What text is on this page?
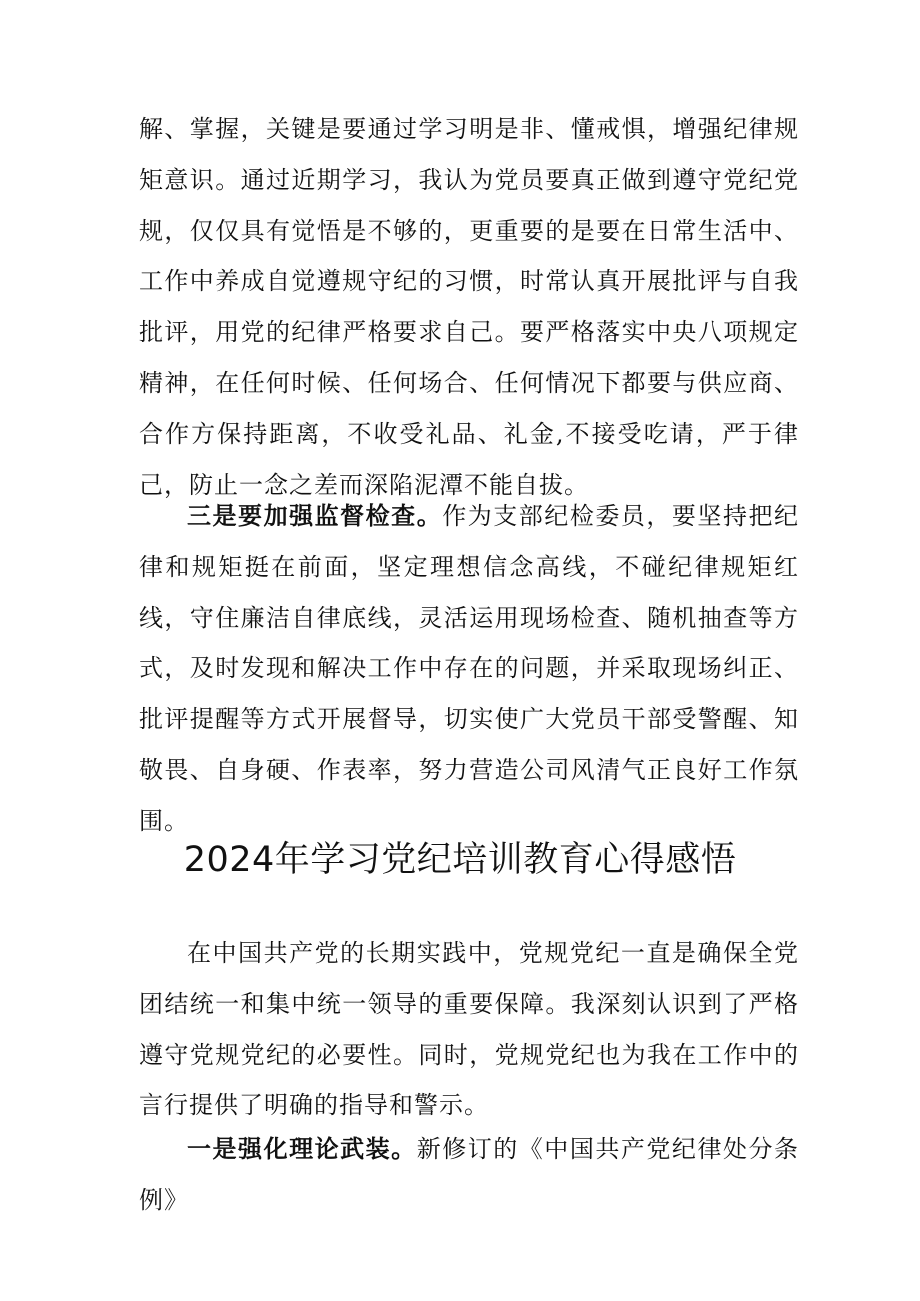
解、掌握，关键是要通过学习明是非、懂戒惧，增强纪律规矩意识。通过近期学习，我认为党员要真正做到遵守党纪党规，仅仅具有觉悟是不够的，更重要的是要在日常生活中、工作中养成自觉遵规守纪的习惯，时常认真开展批评与自我批评，用党的纪律严格要求自己。要严格落实中央八项规定精神，在任何时候、任何场合、任何情况下都要与供应商、合作方保持距离，不收受礼品、礼金,不接受吃请，严于律己，防止一念之差而深陷泥潭不能自拔。

三是要加强监督检查。作为支部纪检委员，要坚持把纪律和规矩挺在前面，坚定理想信念高线，不碰纪律规矩红线，守住廉洁自律底线，灵活运用现场检查、随机抽查等方式，及时发现和解决工作中存在的问题，并采取现场纠正、批评提醒等方式开展督导，切实使广大党员干部受警醒、知敬畏、自身硬、作表率，努力营造公司风清气正良好工作氛围。

2024年学习党纪培训教育心得感悟

在中国共产党的长期实践中，党规党纪一直是确保全党团结统一和集中统一领导的重要保障。我深刻认识到了严格遵守党规党纪的必要性。同时，党规党纪也为我在工作中的言行提供了明确的指导和警示。

一是强化理论武装。新修订的《中国共产党纪律处分条例》
